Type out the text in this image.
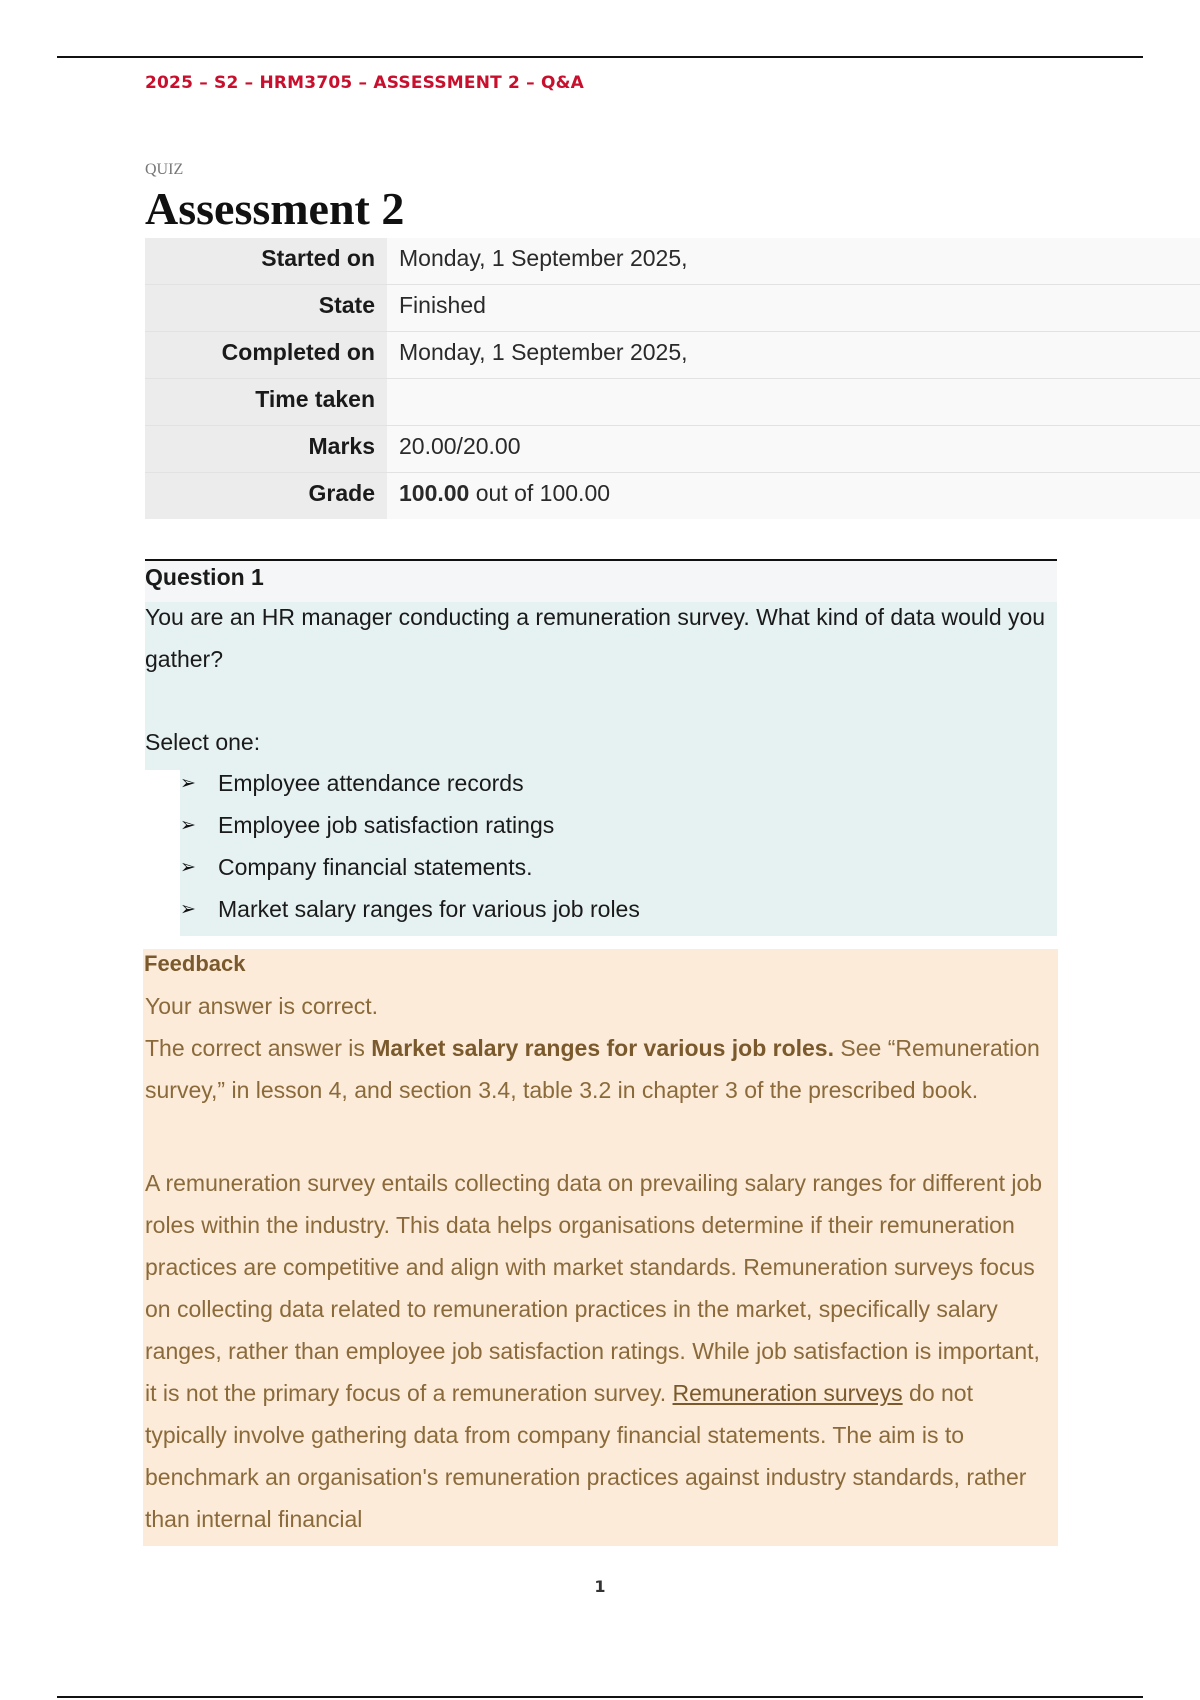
2025 – S2 – HRM3705 – ASSESSMENT 2 – Q&A
QUIZ
Assessment 2
Started on	Monday, 1 September 2025,
State	Finished
Completed on	Monday, 1 September 2025,
Time taken
Marks	20.00/20.00
Grade	100.00 out of 100.00
Question 1
You are an HR manager conducting a remuneration survey. What kind of data would you gather?
Select one:
➢ Employee attendance records
➢ Employee job satisfaction ratings
➢ Company financial statements.
➢ Market salary ranges for various job roles
Feedback
Your answer is correct.
The correct answer is Market salary ranges for various job roles. See “Remuneration survey,” in lesson 4, and section 3.4, table 3.2 in chapter 3 of the prescribed book.
A remuneration survey entails collecting data on prevailing salary ranges for different job roles within the industry. This data helps organisations determine if their remuneration practices are competitive and align with market standards. Remuneration surveys focus on collecting data related to remuneration practices in the market, specifically salary ranges, rather than employee job satisfaction ratings. While job satisfaction is important, it is not the primary focus of a remuneration survey. Remuneration surveys do not typically involve gathering data from company financial statements. The aim is to benchmark an organisation's remuneration practices against industry standards, rather than internal financial
1
